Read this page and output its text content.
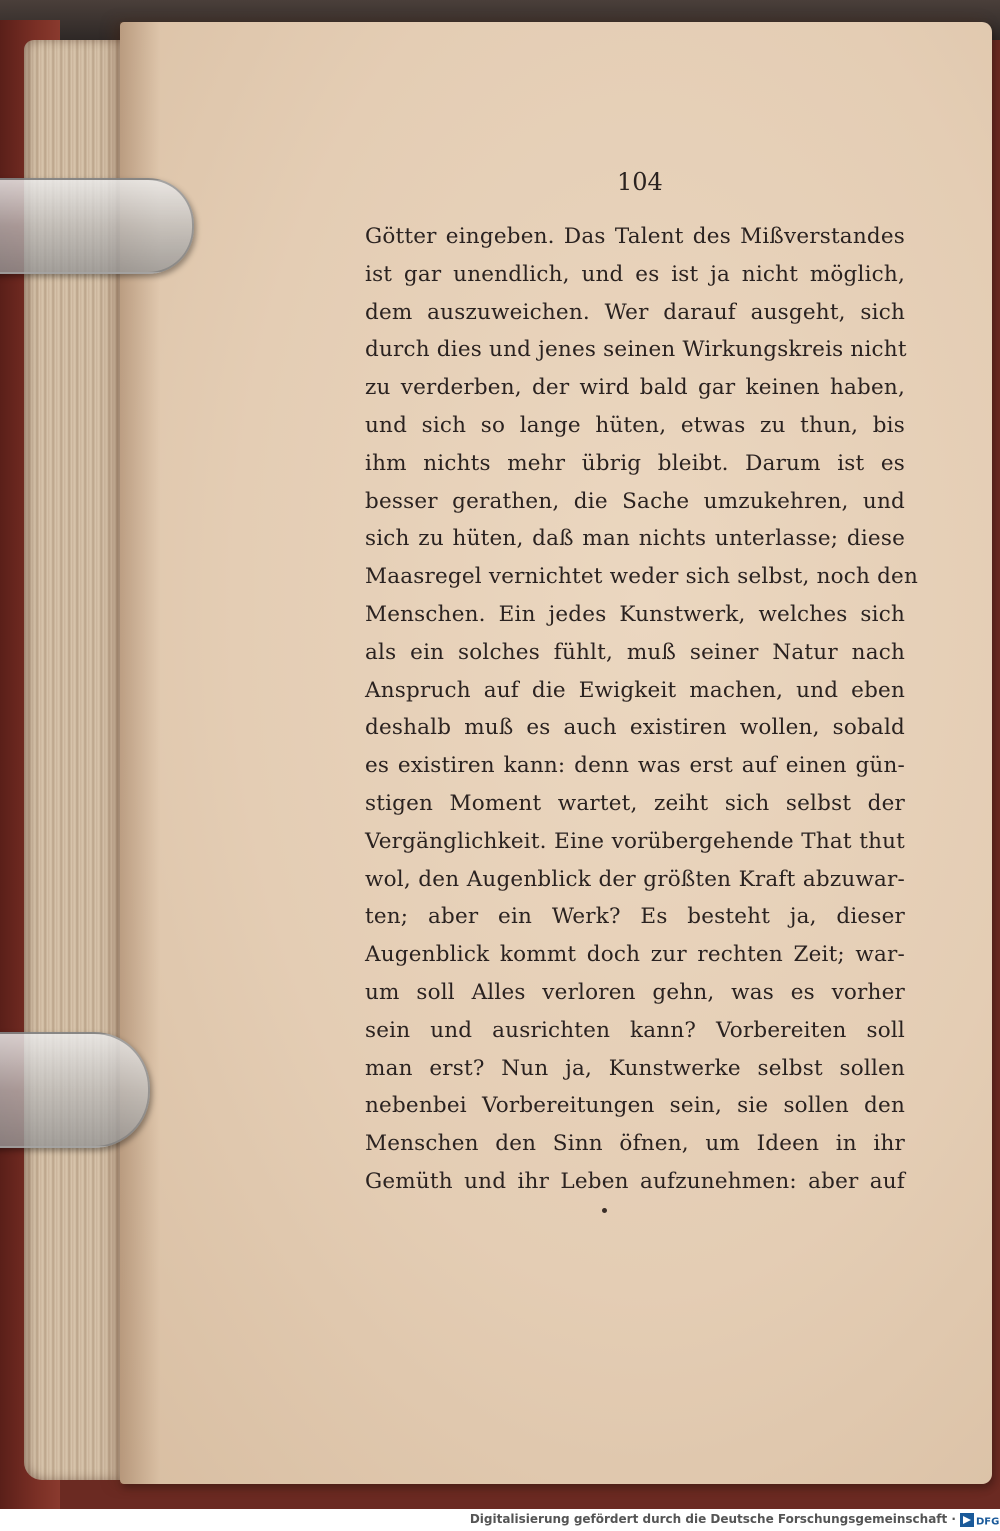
104
Götter eingeben. Das Talent des Mißverstandes
ist gar unendlich, und es ist ja nicht möglich,
dem auszuweichen. Wer darauf ausgeht, sich
durch dies und jenes seinen Wirkungskreis nicht
zu verderben, der wird bald gar keinen haben,
und sich so lange hüten, etwas zu thun, bis
ihm nichts mehr übrig bleibt. Darum ist es
besser gerathen, die Sache umzukehren, und
sich zu hüten, daß man nichts unterlasse; diese
Maasregel vernichtet weder sich selbst, noch den
Menschen. Ein jedes Kunstwerk, welches sich
als ein solches fühlt, muß seiner Natur nach
Anspruch auf die Ewigkeit machen, und eben
deshalb muß es auch existiren wollen, sobald
es existiren kann: denn was erst auf einen gün-
stigen Moment wartet, zeiht sich selbst der
Vergänglichkeit. Eine vorübergehende That thut
wol, den Augenblick der größten Kraft abzuwar-
ten; aber ein Werk? Es besteht ja, dieser
Augenblick kommt doch zur rechten Zeit; war-
um soll Alles verloren gehn, was es vorher
sein und ausrichten kann? Vorbereiten soll
man erst? Nun ja, Kunstwerke selbst sollen
nebenbei Vorbereitungen sein, sie sollen den
Menschen den Sinn öfnen, um Ideen in ihr
Gemüth und ihr Leben aufzunehmen: aber auf
Digitalisierung gefördert durch die Deutsche Forschungsgemeinschaft · DFG
